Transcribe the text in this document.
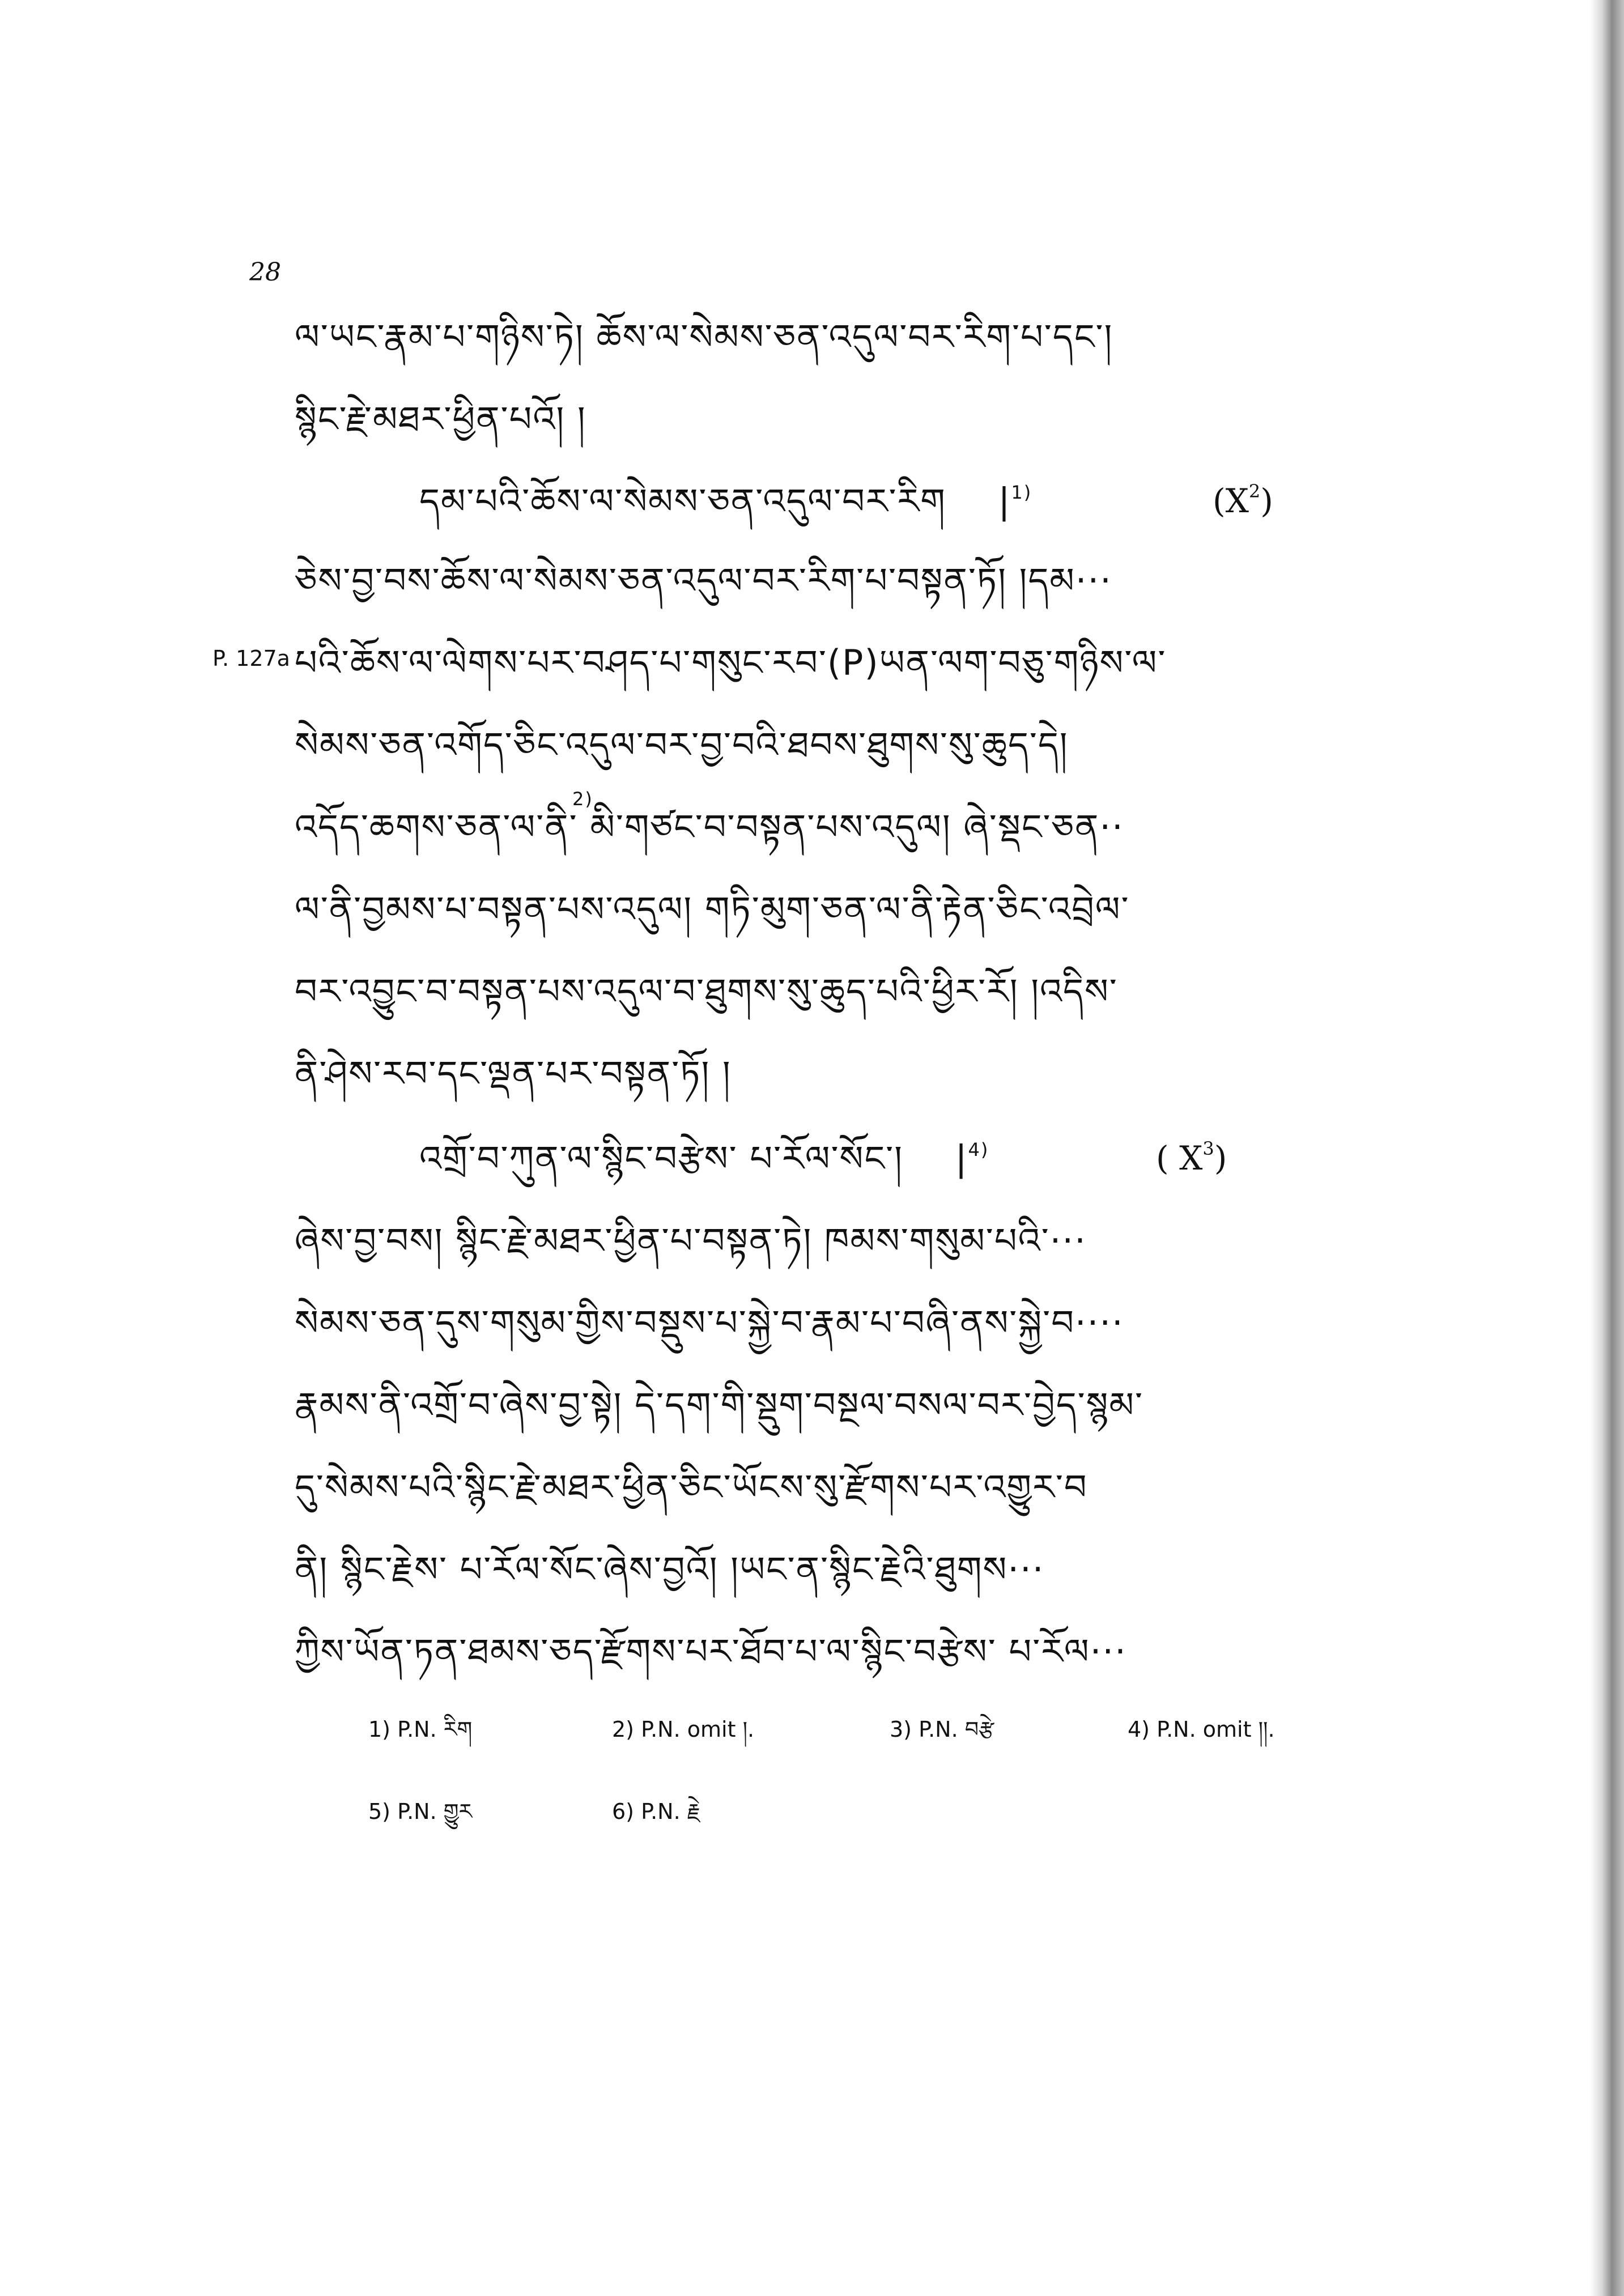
28
ལ་ཡང་རྣམ་པ་གཉིས་ཏེ། ཆོས་ལ་སེམས་ཅན་འདུལ་བར་རིག་པ་དང་།
སྙིང་རྗེ་མཐར་ཕྱིན་པའོ། །
དམ་པའི་ཆོས་ལ་སེམས་ཅན་འདུལ་བར་རིག $|^{1)}$	$(X^2)$
ཅེས་བྱ་བས་ཆོས་ལ་སེམས་ཅན་འདུལ་བར་རིག་པ་བསྟན་ཏོ། །དམ···
P. 127a པའི་ཆོས་ལ་ལེགས་པར་བཤད་པ་གསུང་རབ་(P)ཡན་ལག་བཅུ་གཉིས་ལ་
སེམས་ཅན་འགོད་ཅིང་འདུལ་བར་བྱ་བའི་ཐབས་ཐུགས་སུ་ཆུད་དེ།
འདོད་ཆགས་ཅན་ལ་ནི་ མི་གཙང་བ་བསྟན་པས་འདུལ། ཞེ་སྡང་ཅན··
2)
ལ་ནི་བྱམས་པ་བསྟན་པས་འདུལ། གཏི་མུག་ཅན་ལ་ནི་རྟེན་ཅིང་འབྲེལ་
བར་འབྱུང་བ་བསྟན་པས་འདུལ་བ་ཐུགས་སུ་ཆུད་པའི་ཕྱིར་རོ། །འདིས་
ནི་ཤེས་རབ་དང་ལྡན་པར་བསྟན་ཏོ། །
འགྲོ་བ་ཀུན་ལ་སྙིང་བརྩེས་ པ་རོལ་སོང་། $|^{4)}$	( $X^3$)
ཞེས་བྱ་བས། སྙིང་རྗེ་མཐར་ཕྱིན་པ་བསྟན་ཏེ། ཁམས་གསུམ་པའི་···
སེམས་ཅན་དུས་གསུམ་གྱིས་བསྡུས་པ་སྐྱེ་བ་རྣམ་པ་བཞི་ནས་སྐྱེ་བ····
རྣམས་ནི་འགྲོ་བ་ཞེས་བྱ་སྟེ། དེ་དག་གི་སྡུག་བསྔལ་བསལ་བར་བྱེད་སྙམ་
དུ་སེམས་པའི་སྙིང་རྗེ་མཐར་ཕྱིན་ཅིང་ཡོངས་སུ་རྫོགས་པར་འགྱུར་བ
ནི། སྙིང་རྗེས་ པ་རོལ་སོང་ཞེས་བྱའོ། །ཡང་ན་སྙིང་རྗེའི་ཐུགས···
ཀྱིས་ཡོན་ཏན་ཐམས་ཅད་རྫོགས་པར་ཐོབ་པ་ལ་སྙིང་བརྩེས་ པ་རོལ···
1) P.N. རིག	2) P.N. omit །.	3) P.N. བརྩེ	4) P.N. omit །།.
5) P.N. གྱུར	6) P.N. རྗེ
